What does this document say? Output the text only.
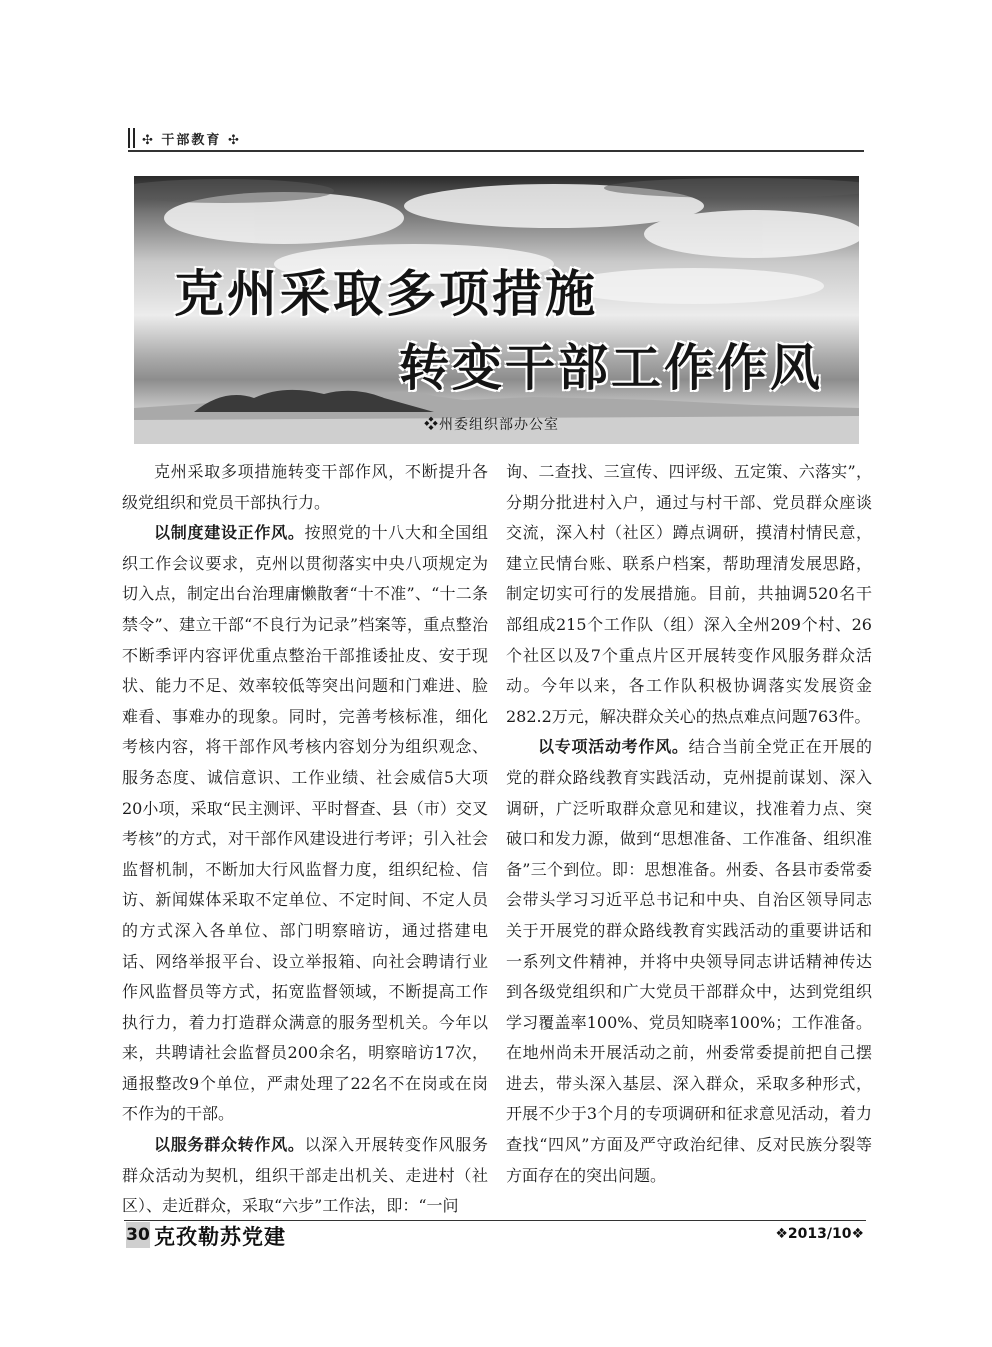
✣ 干部教育 ✣
克州采取多项措施
转变干部工作作风
❖州委组织部办公室

克州采取多项措施转变干部作风，不断提升各级党组织和党员干部执行力。

以制度建设正作风。按照党的十八大和全国组织工作会议要求，克州以贯彻落实中央八项规定为切入点，制定出台治理庸懒散奢“十不准”、“十二条禁令”、建立干部“不良行为记录”档案等，重点整治不断季评内容评优重点整治干部推诿扯皮、安于现状、能力不足、效率较低等突出问题和门难进、脸难看、事难办的现象。同时，完善考核标准，细化考核内容，将干部作风考核内容划分为组织观念、服务态度、诚信意识、工作业绩、社会威信5大项20小项，采取“民主测评、平时督查、县（市）交叉考核”的方式，对干部作风建设进行考评；引入社会监督机制，不断加大行风监督力度，组织纪检、信访、新闻媒体采取不定单位、不定时间、不定人员的方式深入各单位、部门明察暗访，通过搭建电话、网络举报平台、设立举报箱、向社会聘请行业作风监督员等方式，拓宽监督领域，不断提高工作执行力，着力打造群众满意的服务型机关。今年以来，共聘请社会监督员200余名，明察暗访17次，通报整改9个单位，严肃处理了22名不在岗或在岗不作为的干部。

以服务群众转作风。以深入开展转变作风服务群众活动为契机，组织干部走出机关、走进村（社区）、走近群众，采取“六步”工作法，即：“一问

询、二查找、三宣传、四评级、五定策、六落实”，分期分批进村入户，通过与村干部、党员群众座谈交流，深入村（社区）蹲点调研，摸清村情民意，建立民情台账、联系户档案，帮助理清发展思路，制定切实可行的发展措施。目前，共抽调520名干部组成215个工作队（组）深入全州209个村、26个社区以及7个重点片区开展转变作风服务群众活动。今年以来，各工作队积极协调落实发展资金282.2万元，解决群众关心的热点难点问题763件。

以专项活动考作风。结合当前全党正在开展的党的群众路线教育实践活动，克州提前谋划、深入调研，广泛听取群众意见和建议，找准着力点、突破口和发力源，做到“思想准备、工作准备、组织准备”三个到位。即：思想准备。州委、各县市委常委会带头学习习近平总书记和中央、自治区领导同志关于开展党的群众路线教育实践活动的重要讲话和一系列文件精神，并将中央领导同志讲话精神传达到各级党组织和广大党员干部群众中，达到党组织学习覆盖率100%、党员知晓率100%；工作准备。在地州尚未开展活动之前，州委常委提前把自己摆进去，带头深入基层、深入群众，采取多种形式，开展不少于3个月的专项调研和征求意见活动，着力查找“四风”方面及严守政治纪律、反对民族分裂等方面存在的突出问题。

30 克孜勒苏党建	❖2013/10❖
